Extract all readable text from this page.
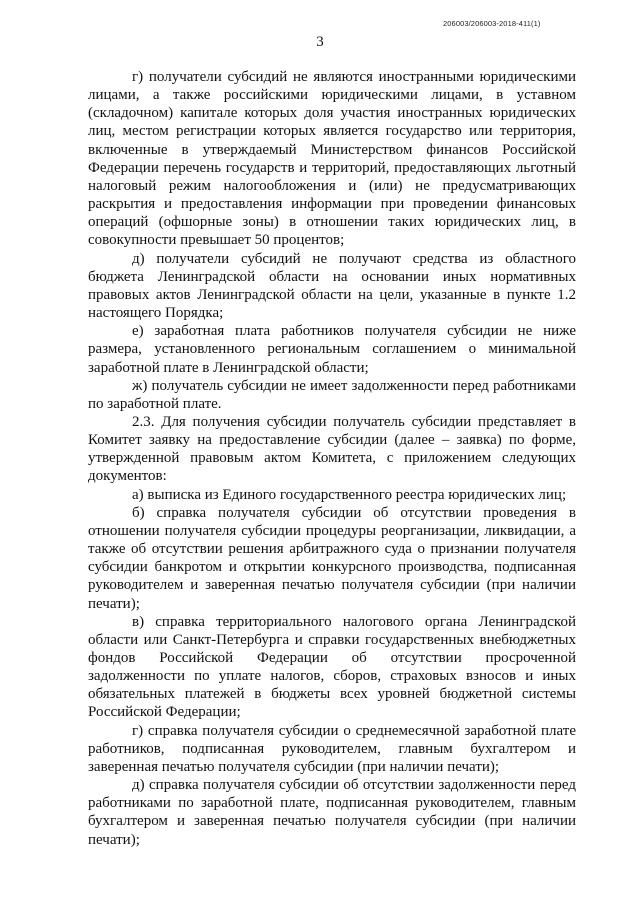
206003/206003-2018-411(1)
3

г) получатели субсидий не являются иностранными юридическими лицами, а также российскими юридическими лицами, в уставном (складочном) капитале которых доля участия иностранных юридических лиц, местом регистрации которых является государство или территория, включенные в утверждаемый Министерством финансов Российской Федерации перечень государств и территорий, предоставляющих льготный налоговый режим налогообложения и (или) не предусматривающих раскрытия и предоставления информации при проведении финансовых операций (офшорные зоны) в отношении таких юридических лиц, в совокупности превышает 50 процентов;

д) получатели субсидий не получают средства из областного бюджета Ленинградской области на основании иных нормативных правовых актов Ленинградской области на цели, указанные в пункте 1.2 настоящего Порядка;

е) заработная плата работников получателя субсидии не ниже размера, установленного региональным соглашением о минимальной заработной плате в Ленинградской области;

ж) получатель субсидии не имеет задолженности перед работниками по заработной плате.

2.3. Для получения субсидии получатель субсидии представляет в Комитет заявку на предоставление субсидии (далее – заявка) по форме, утвержденной правовым актом Комитета, с приложением следующих документов:

а) выписка из Единого государственного реестра юридических лиц;

б) справка получателя субсидии об отсутствии проведения в отношении получателя субсидии процедуры реорганизации, ликвидации, а также об отсутствии решения арбитражного суда о признании получателя субсидии банкротом и открытии конкурсного производства, подписанная руководителем и заверенная печатью получателя субсидии (при наличии печати);

в) справка территориального налогового органа Ленинградской области или Санкт-Петербурга и справки государственных внебюджетных фондов Российской Федерации об отсутствии просроченной задолженности по уплате налогов, сборов, страховых взносов и иных обязательных платежей в бюджеты всех уровней бюджетной системы Российской Федерации;

г) справка получателя субсидии о среднемесячной заработной плате работников, подписанная руководителем, главным бухгалтером и заверенная печатью получателя субсидии (при наличии печати);

д) справка получателя субсидии об отсутствии задолженности перед работниками по заработной плате, подписанная руководителем, главным бухгалтером и заверенная печатью получателя субсидии (при наличии печати);
